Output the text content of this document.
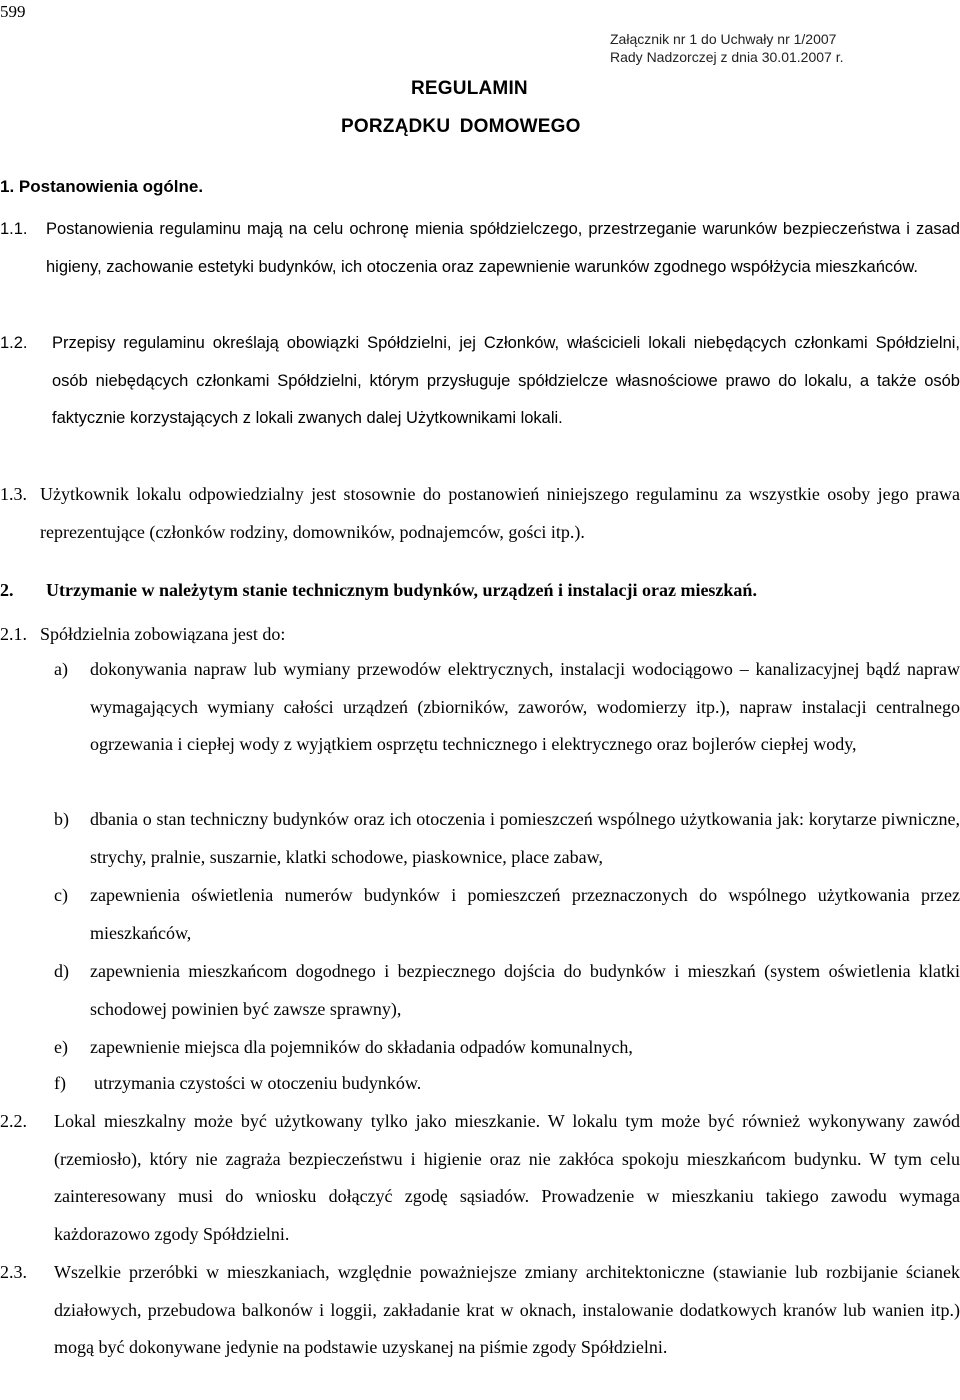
599
Załącznik nr 1 do Uchwały nr 1/2007
Rady Nadzorczej z dnia 30.01.2007 r.
REGULAMIN
PORZĄDKU DOMOWEGO
1. Postanowienia ogólne.
1.1. Postanowienia regulaminu mają na celu ochronę mienia spółdzielczego, przestrzeganie warunków bezpieczeństwa i zasad higieny, zachowanie estetyki budynków, ich otoczenia oraz zapewnienie warunków zgodnego współżycia mieszkańców.
1.2. Przepisy regulaminu określają obowiązki Spółdzielni, jej Członków, właścicieli lokali niebędących członkami Spółdzielni, osób niebędących członkami Spółdzielni, którym przysługuje spółdzielcze własnościowe prawo do lokalu, a także osób faktycznie korzystających z lokali zwanych dalej Użytkownikami lokali.
1.3. Użytkownik lokalu odpowiedzialny jest stosownie do postanowień niniejszego regulaminu za wszystkie osoby jego prawa reprezentujące (członków rodziny, domowników, podnajemców, gości itp.).
2. Utrzymanie w należytym stanie technicznym budynków, urządzeń i instalacji oraz mieszkań.
2.1. Spółdzielnia zobowiązana jest do:
a) dokonywania napraw lub wymiany przewodów elektrycznych, instalacji wodociągowo – kanalizacyjnej bądź napraw wymagających wymiany całości urządzeń (zbiorników, zaworów, wodomierzy itp.), napraw instalacji centralnego ogrzewania i ciepłej wody z wyjątkiem osprzętu technicznego i elektrycznego oraz bojlerów ciepłej wody,
b) dbania o stan techniczny budynków oraz ich otoczenia i pomieszczeń wspólnego użytkowania jak: korytarze piwniczne, strychy, pralnie, suszarnie, klatki schodowe, piaskownice, place zabaw,
c) zapewnienia oświetlenia numerów budynków i pomieszczeń przeznaczonych do wspólnego użytkowania przez mieszkańców,
d) zapewnienia mieszkańcom dogodnego i bezpiecznego dojścia do budynków i mieszkań (system oświetlenia klatki schodowej powinien być zawsze sprawny),
e) zapewnienie miejsca dla pojemników do składania odpadów komunalnych,
f) utrzymania czystości w otoczeniu budynków.
2.2. Lokal mieszkalny może być użytkowany tylko jako mieszkanie. W lokalu tym może być również wykonywany zawód (rzemiosło), który nie zagraża bezpieczeństwu i higienie oraz nie zakłóca spokoju mieszkańcom budynku. W tym celu zainteresowany musi do wniosku dołączyć zgodę sąsiadów. Prowadzenie w mieszkaniu takiego zawodu wymaga każdorazowo zgody Spółdzielni.
2.3. Wszelkie przeróbki w mieszkaniach, względnie poważniejsze zmiany architektoniczne (stawianie lub rozbijanie ścianek działowych, przebudowa balkonów i loggii, zakładanie krat w oknach, instalowanie dodatkowych kranów lub wanien itp.) mogą być dokonywane jedynie na podstawie uzyskanej na piśmie zgody Spółdzielni.
